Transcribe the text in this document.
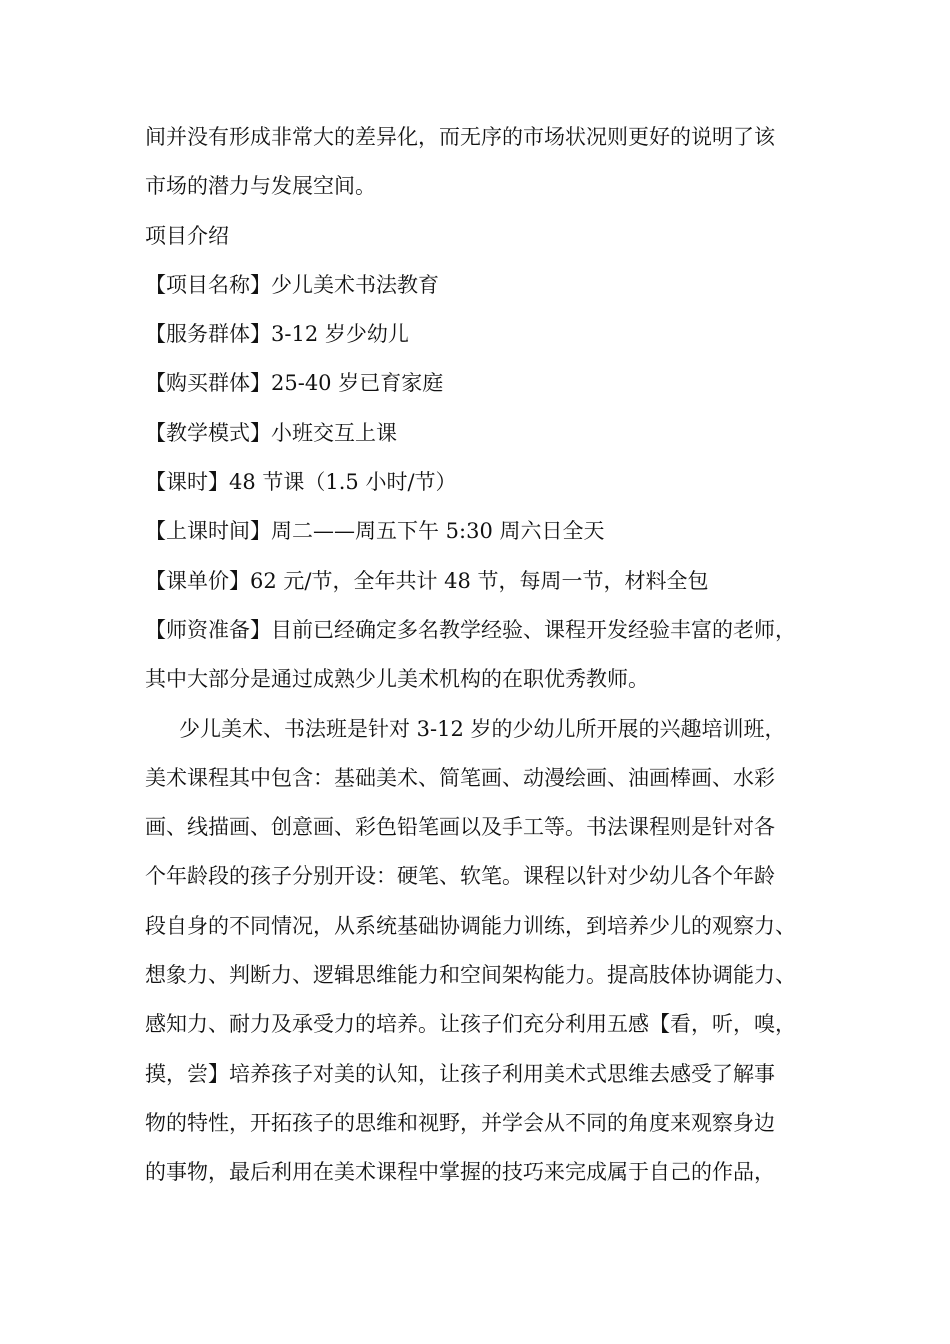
间并没有形成非常大的差异化，而无序的市场状况则更好的说明了该
市场的潜力与发展空间。
项目介绍
【项目名称】少儿美术书法教育
【服务群体】3-12 岁少幼儿
【购买群体】25-40 岁已育家庭
【教学模式】小班交互上课
【课时】48 节课（1.5 小时/节）
【上课时间】周二——周五下午 5:30 周六日全天
【课单价】62 元/节，全年共计 48 节，每周一节，材料全包
【师资准备】目前已经确定多名教学经验、课程开发经验丰富的老师，
其中大部分是通过成熟少儿美术机构的在职优秀教师。
少儿美术、书法班是针对 3-12 岁的少幼儿所开展的兴趣培训班，
美术课程其中包含：基础美术、简笔画、动漫绘画、油画棒画、水彩
画、线描画、创意画、彩色铅笔画以及手工等。书法课程则是针对各
个年龄段的孩子分别开设：硬笔、软笔。课程以针对少幼儿各个年龄
段自身的不同情况，从系统基础协调能力训练，到培养少儿的观察力、
想象力、判断力、逻辑思维能力和空间架构能力。提高肢体协调能力、
感知力、耐力及承受力的培养。让孩子们充分利用五感【看，听，嗅，
摸，尝】培养孩子对美的认知，让孩子利用美术式思维去感受了解事
物的特性，开拓孩子的思维和视野，并学会从不同的角度来观察身边
的事物，最后利用在美术课程中掌握的技巧来完成属于自己的作品，
